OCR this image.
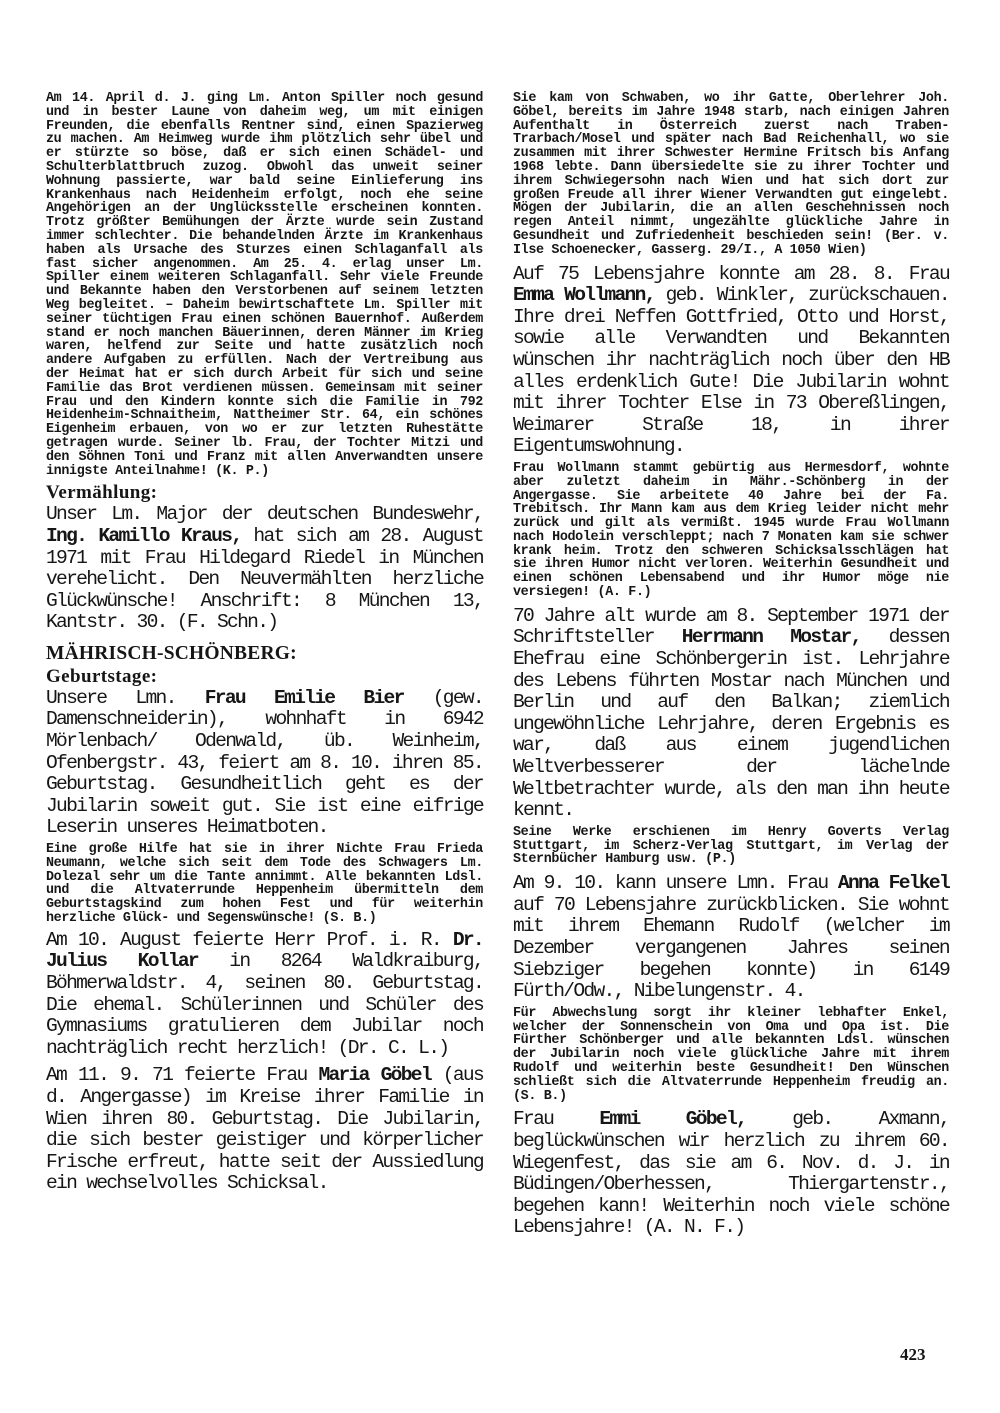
Am 14. April d. J. ging Lm. Anton Spiller noch gesund und in bester Laune von daheim weg, um mit einigen Freunden, die ebenfalls Rentner sind, einen Spazierweg zu machen. Am Heimweg wurde ihm plötzlich sehr übel und er stürzte so böse, daß er sich einen Schädel- und Schulterblattbruch zuzog. Obwohl das unweit seiner Wohnung passierte, war bald seine Einlieferung ins Krankenhaus nach Heidenheim erfolgt, noch ehe seine Angehörigen an der Unglücksstelle erscheinen konnten. Trotz größter Bemühungen der Ärzte wurde sein Zustand immer schlechter. Die behandelnden Ärzte im Krankenhaus haben als Ursache des Sturzes einen Schlaganfall als fast sicher angenommen. Am 25. 4. erlag unser Lm. Spiller einem weiteren Schlaganfall. Sehr viele Freunde und Bekannte haben den Verstorbenen auf seinem letzten Weg begleitet. – Daheim bewirtschaftete Lm. Spiller mit seiner tüchtigen Frau einen schönen Bauernhof. Außerdem stand er noch manchen Bäuerinnen, deren Männer im Krieg waren, helfend zur Seite und hatte zusätzlich noch andere Aufgaben zu erfüllen. Nach der Vertreibung aus der Heimat hat er sich durch Arbeit für sich und seine Familie das Brot verdienen müssen. Gemeinsam mit seiner Frau und den Kindern konnte sich die Familie in 792 Heidenheim-Schnaitheim, Nattheimer Str. 64, ein schönes Eigenheim erbauen, von wo er zur letzten Ruhestätte getragen wurde. Seiner lb. Frau, der Tochter Mitzi und den Söhnen Toni und Franz mit allen Anverwandten unsere innigste Anteilnahme! (K. P.)

Vermählung:

Unser Lm. Major der deutschen Bundeswehr, Ing. Kamillo Kraus, hat sich am 28. August 1971 mit Frau Hildegard Riedel in München verehelicht. Den Neuvermählten herzliche Glückwünsche! Anschrift: 8 München 13, Kantstr. 30. (F. Schn.)

MÄHRISCH-SCHÖNBERG:
Geburtstage:

Unsere Lmn. Frau Emilie Bier (gew. Damenschneiderin), wohnhaft in 6942 Mörlenbach/ Odenwald, üb. Weinheim, Ofenbergstr. 43, feiert am 8. 10. ihren 85. Geburtstag. Gesundheitlich geht es der Jubilarin soweit gut. Sie ist eine eifrige Leserin unseres Heimatboten.

Eine große Hilfe hat sie in ihrer Nichte Frau Frieda Neumann, welche sich seit dem Tode des Schwagers Lm. Dolezal sehr um die Tante annimmt. Alle bekannten Ldsl. und die Altvaterrunde Heppenheim übermitteln dem Geburtstagskind zum hohen Fest und für weiterhin herzliche Glück- und Segenswünsche! (S. B.)

Am 10. August feierte Herr Prof. i. R. Dr. Julius Kollar in 8264 Waldkraiburg, Böhmerwaldstr. 4, seinen 80. Geburtstag. Die ehemal. Schülerinnen und Schüler des Gymnasiums gratulieren dem Jubilar noch nachträglich recht herzlich! (Dr. C. L.)

Am 11. 9. 71 feierte Frau Maria Göbel (aus d. Angergasse) im Kreise ihrer Familie in Wien ihren 80. Geburtstag. Die Jubilarin, die sich bester geistiger und körperlicher Frische erfreut, hatte seit der Aussiedlung ein wechselvolles Schicksal.

Sie kam von Schwaben, wo ihr Gatte, Oberlehrer Joh. Göbel, bereits im Jahre 1948 starb, nach einigen Jahren Aufenthalt in Österreich zuerst nach Traben-Trarbach/Mosel und später nach Bad Reichenhall, wo sie zusammen mit ihrer Schwester Hermine Fritsch bis Anfang 1968 lebte. Dann übersiedelte sie zu ihrer Tochter und ihrem Schwiegersohn nach Wien und hat sich dort zur großen Freude all ihrer Wiener Verwandten gut eingelebt. Mögen der Jubilarin, die an allen Geschehnissen noch regen Anteil nimmt, ungezählte glückliche Jahre in Gesundheit und Zufriedenheit beschieden sein! (Ber. v. Ilse Schoenecker, Gasserg. 29/I., A 1050 Wien)

Auf 75 Lebensjahre konnte am 28. 8. Frau Emma Wollmann, geb. Winkler, zurückschauen. Ihre drei Neffen Gottfried, Otto und Horst, sowie alle Verwandten und Bekannten wünschen ihr nachträglich noch über den HB alles erdenklich Gute! Die Jubilarin wohnt mit ihrer Tochter Else in 73 Obereßlingen, Weimarer Straße 18, in ihrer Eigentumswohnung.

Frau Wollmann stammt gebürtig aus Hermesdorf, wohnte aber zuletzt daheim in Mähr.-Schönberg in der Angergasse. Sie arbeitete 40 Jahre bei der Fa. Trebitsch. Ihr Mann kam aus dem Krieg leider nicht mehr zurück und gilt als vermißt. 1945 wurde Frau Wollmann nach Hodolein verschleppt; nach 7 Monaten kam sie schwer krank heim. Trotz den schweren Schicksalsschlägen hat sie ihren Humor nicht verloren. Weiterhin Gesundheit und einen schönen Lebensabend und ihr Humor möge nie versiegen! (A. F.)

70 Jahre alt wurde am 8. September 1971 der Schriftsteller Herrmann Mostar, dessen Ehefrau eine Schönbergerin ist. Lehrjahre des Lebens führten Mostar nach München und Berlin und auf den Balkan; ziemlich ungewöhnliche Lehrjahre, deren Ergebnis es war, daß aus einem jugendlichen Weltverbesserer der lächelnde Weltbetrachter wurde, als den man ihn heute kennt.

Seine Werke erschienen im Henry Goverts Verlag Stuttgart, im Scherz-Verlag Stuttgart, im Verlag der Sternbücher Hamburg usw. (P.)

Am 9. 10. kann unsere Lmn. Frau Anna Felkel auf 70 Lebensjahre zurückblicken. Sie wohnt mit ihrem Ehemann Rudolf (welcher im Dezember vergangenen Jahres seinen Siebziger begehen konnte) in 6149 Fürth/Odw., Nibelungenstr. 4.

Für Abwechslung sorgt ihr kleiner lebhafter Enkel, welcher der Sonnenschein von Oma und Opa ist. Die Fürther Schönberger und alle bekannten Ldsl. wünschen der Jubilarin noch viele glückliche Jahre mit ihrem Rudolf und weiterhin beste Gesundheit! Den Wünschen schließt sich die Altvaterrunde Heppenheim freudig an. (S. B.)

Frau Emmi Göbel, geb. Axmann, beglückwünschen wir herzlich zu ihrem 60. Wiegenfest, das sie am 6. Nov. d. J. in Büdingen/Oberhessen, Thiergartenstr., begehen kann! Weiterhin noch viele schöne Lebensjahre! (A. N. F.)

423
